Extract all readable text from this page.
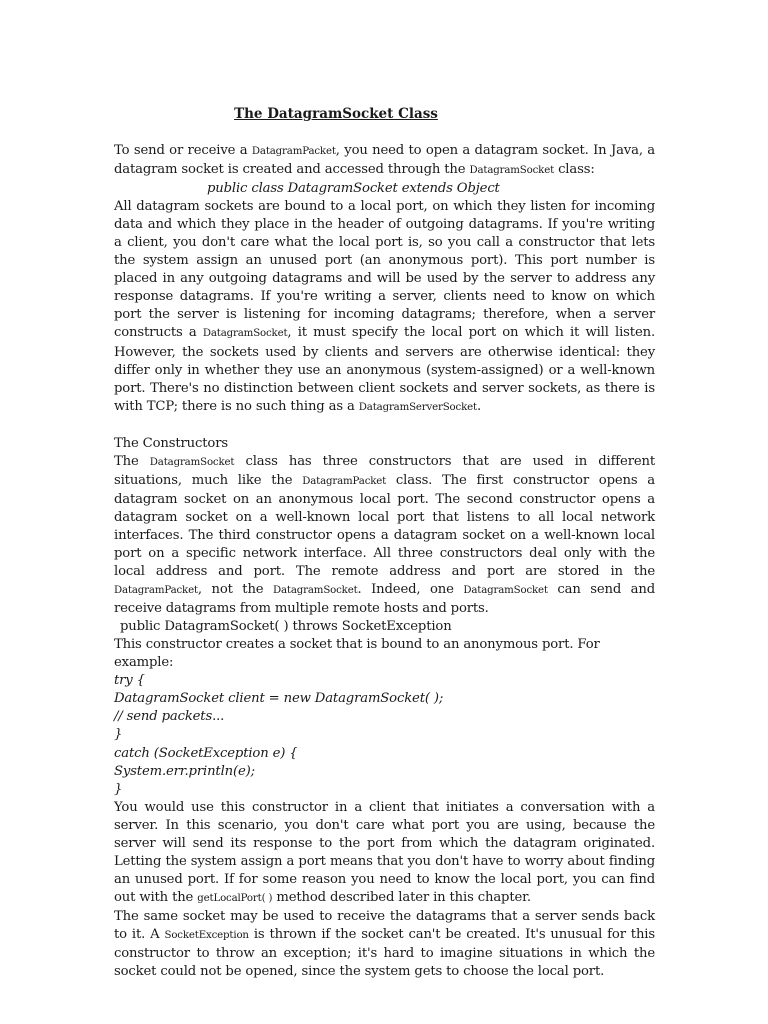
The DatagramSocket Class

To send or receive a DatagramPacket, you need to open a datagram socket. In Java, a datagram socket is created and accessed through the DatagramSocket class:

public class DatagramSocket extends Object

All datagram sockets are bound to a local port, on which they listen for incoming data and which they place in the header of outgoing datagrams. If you're writing a client, you don't care what the local port is, so you call a constructor that lets the system assign an unused port (an anonymous port). This port number is placed in any outgoing datagrams and will be used by the server to address any response datagrams. If you're writing a server, clients need to know on which port the server is listening for incoming datagrams; therefore, when a server constructs a DatagramSocket, it must specify the local port on which it will listen. However, the sockets used by clients and servers are otherwise identical: they differ only in whether they use an anonymous (system-assigned) or a well-known port. There's no distinction between client sockets and server sockets, as there is with TCP; there is no such thing as a DatagramServerSocket.

The Constructors

The DatagramSocket class has three constructors that are used in different situations, much like the DatagramPacket class. The first constructor opens a datagram socket on an anonymous local port. The second constructor opens a datagram socket on a well-known local port that listens to all local network interfaces. The third constructor opens a datagram socket on a well-known local port on a specific network interface. All three constructors deal only with the local address and port. The remote address and port are stored in the DatagramPacket, not the DatagramSocket. Indeed, one DatagramSocket can send and receive datagrams from multiple remote hosts and ports.

public DatagramSocket( ) throws SocketException

This constructor creates a socket that is bound to an anonymous port. For example:

try {

DatagramSocket client = new DatagramSocket( );

// send packets...

}

catch (SocketException e) {

System.err.println(e);

}

You would use this constructor in a client that initiates a conversation with a server. In this scenario, you don't care what port you are using, because the server will send its response to the port from which the datagram originated. Letting the system assign a port means that you don't have to worry about finding an unused port. If for some reason you need to know the local port, you can find out with the getLocalPort( ) method described later in this chapter.

The same socket may be used to receive the datagrams that a server sends back to it. A SocketException is thrown if the socket can't be created. It's unusual for this constructor to throw an exception; it's hard to imagine situations in which the socket could not be opened, since the system gets to choose the local port.
